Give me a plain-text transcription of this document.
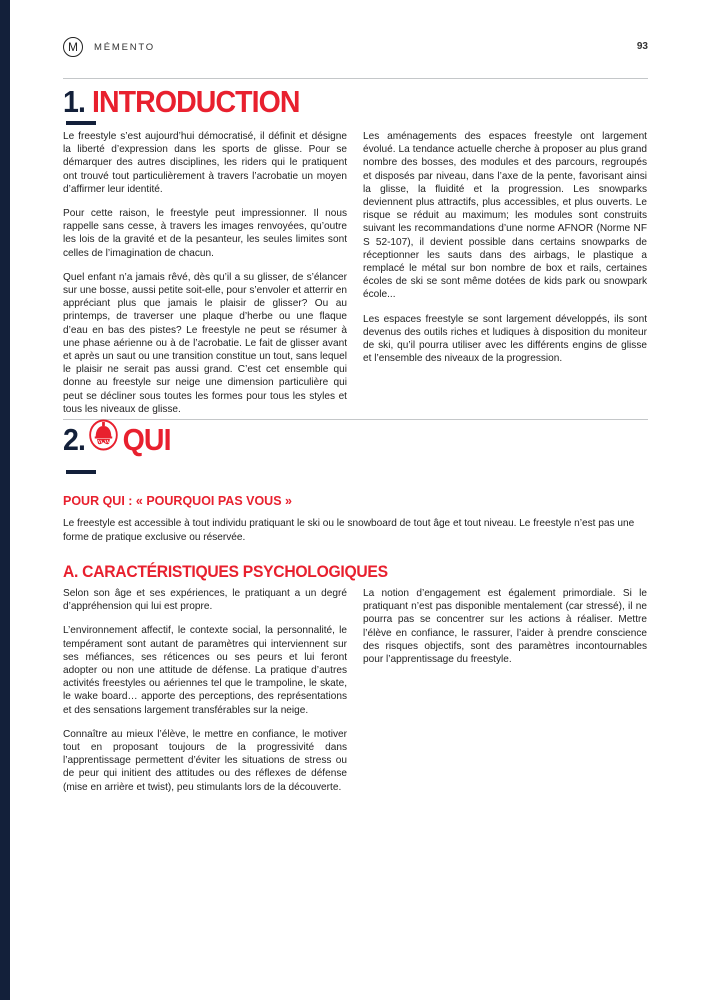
M	MÉMENTO	93
1. INTRODUCTION

Le freestyle s’est aujourd’hui démocratisé, il définit et désigne la liberté d’expression dans les sports de glisse. Pour se démarquer des autres disciplines, les riders qui le pratiquent ont trouvé tout particulièrement à travers l’acrobatie un moyen d’affirmer leur identité.

Pour cette raison, le freestyle peut impressionner. Il nous rappelle sans cesse, à travers les images renvoyées, qu’outre les lois de la gravité et de la pesanteur, les seules limites sont celles de l’imagination de chacun.

Quel enfant n’a jamais rêvé, dès qu’il a su glisser, de s’élancer sur une bosse, aussi petite soit-elle, pour s’envoler et atterrir en appréciant plus que jamais le plaisir de glisser? Ou au printemps, de traverser une plaque d’herbe ou une flaque d’eau en bas des pistes? Le freestyle ne peut se résumer à une phase aérienne ou à de l’acrobatie. Le fait de glisser avant et après un saut ou une transition constitue un tout, sans lequel le plaisir ne serait pas aussi grand. C’est cet ensemble qui donne au freestyle sur neige une dimension particulière qui peut se décliner sous toutes les formes pour tous les styles et tous les niveaux de glisse.

Les aménagements des espaces freestyle ont largement évolué. La tendance actuelle cherche à proposer au plus grand nombre des bosses, des modules et des parcours, regroupés et disposés par niveau, dans l’axe de la pente, favorisant ainsi la glisse, la fluidité et la progression. Les snowparks deviennent plus attractifs, plus accessibles, et plus ouverts. Le risque se réduit au maximum; les modules sont construits suivant les recommandations d’une norme AFNOR (Norme NF S 52-107), il devient possible dans certains snowparks de réceptionner les sauts dans des airbags, le plastique a remplacé le métal sur bon nombre de box et rails, certaines écoles de ski se sont même dotées de kids park ou snowpark école...

Les espaces freestyle se sont largement développés, ils sont devenus des outils riches et ludiques à disposition du moniteur de ski, qu’il pourra utiliser avec les différents engins de glisse et l’ensemble des niveaux de la progression.

2. QUI
POUR QUI : « POURQUOI PAS VOUS »
Le freestyle est accessible à tout individu pratiquant le ski ou le snowboard de tout âge et tout niveau. Le freestyle n’est pas une forme de pratique exclusive ou réservée.
A. CARACTÉRISTIQUES PSYCHOLOGIQUES

Selon son âge et ses expériences, le pratiquant a un degré d’appréhension qui lui est propre.

L’environnement affectif, le contexte social, la personnalité, le tempérament sont autant de paramètres qui interviennent sur ses méfiances, ses réticences ou ses peurs et lui feront adopter ou non une attitude de défense. La pratique d’autres activités freestyles ou aériennes tel que le trampoline, le skate, le wake board… apporte des perceptions, des représentations et des sensations largement transférables sur la neige.

Connaître au mieux l’élève, le mettre en confiance, le motiver tout en proposant toujours de la progressivité dans l’apprentissage permettent d’éviter les situations de stress ou de peur qui initient des attitudes ou des réflexes de défense (mise en arrière et twist), peu stimulants lors de la découverte.

La notion d’engagement est également primordiale. Si le pratiquant n’est pas disponible mentalement (car stressé), il ne pourra pas se concentrer sur les actions à réaliser. Mettre l’élève en confiance, le rassurer, l’aider à prendre conscience des risques objectifs, sont des paramètres incontournables pour l’apprentissage du freestyle.
